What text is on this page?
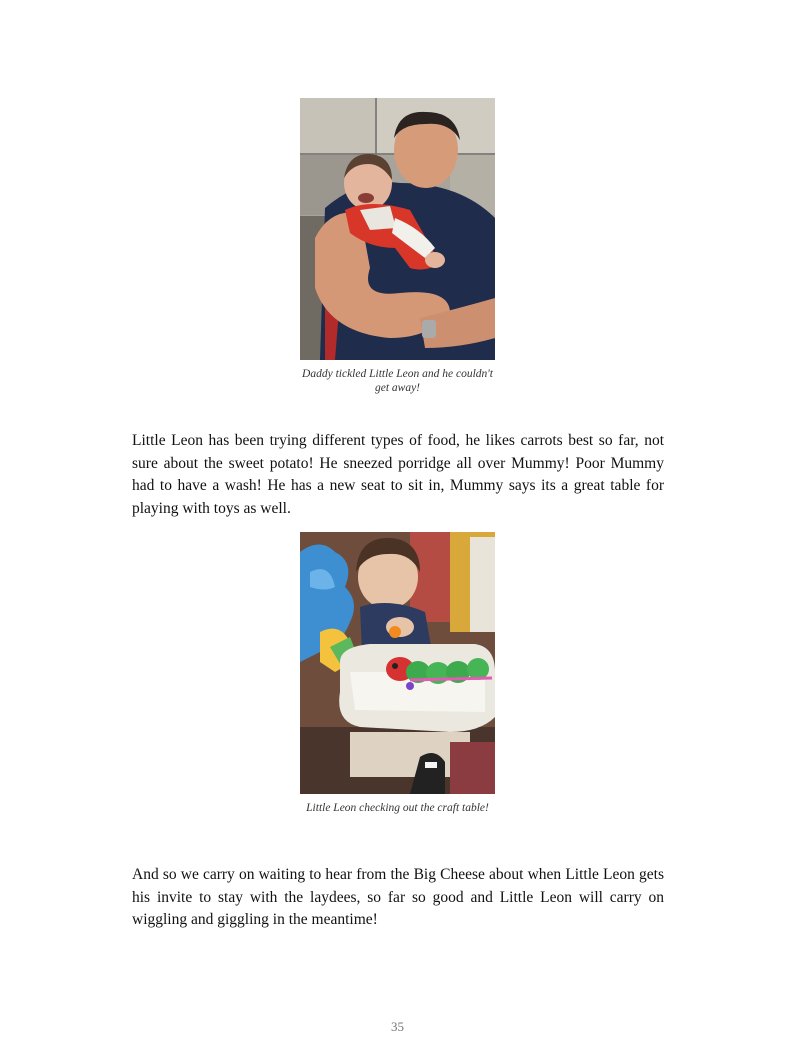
Daddy tickled Little Leon and he couldn't get away!

Little Leon has been trying different types of food, he likes carrots best so far, not sure about the sweet potato! He sneezed porridge all over Mummy! Poor Mummy had to have a wash! He has a new seat to sit in, Mummy says its a great table for playing with toys as well.

Little Leon checking out the craft table!

And so we carry on waiting to hear from the Big Cheese about when Little Leon gets his invite to stay with the laydees, so far so good and Little Leon will carry on wiggling and giggling in the meantime!

35
